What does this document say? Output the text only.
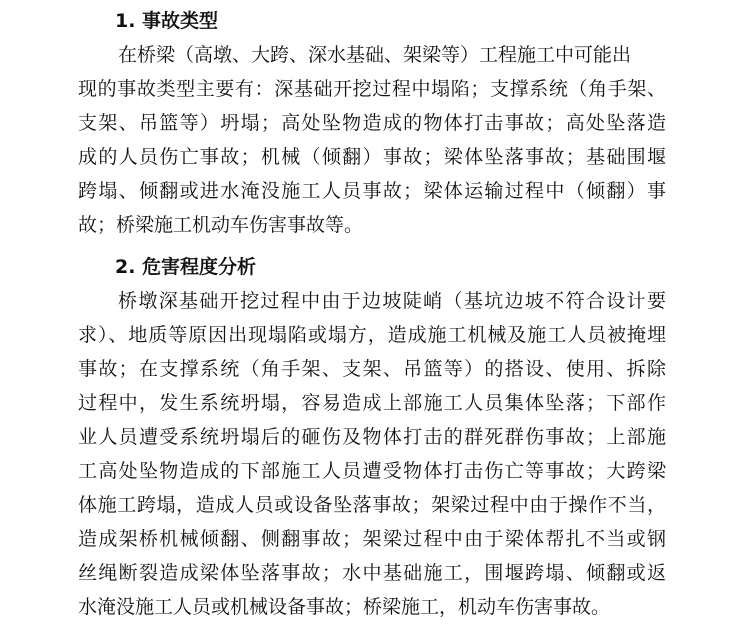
1. 事故类型
在桥梁（高墩、大跨、深水基础、架梁等）工程施工中可能出
现的事故类型主要有：深基础开挖过程中塌陷；支撑系统（角手架、
支架、吊篮等）坍塌；高处坠物造成的物体打击事故；高处坠落造
成的人员伤亡事故；机械（倾翻）事故；梁体坠落事故；基础围堰
跨塌、倾翻或进水淹没施工人员事故；梁体运输过程中（倾翻）事
故；桥梁施工机动车伤害事故等。
2. 危害程度分析
桥墩深基础开挖过程中由于边坡陡峭（基坑边坡不符合设计要
求）、地质等原因出现塌陷或塌方，造成施工机械及施工人员被掩埋
事故；在支撑系统（角手架、支架、吊篮等）的搭设、使用、拆除
过程中，发生系统坍塌，容易造成上部施工人员集体坠落；下部作
业人员遭受系统坍塌后的砸伤及物体打击的群死群伤事故；上部施
工高处坠物造成的下部施工人员遭受物体打击伤亡等事故；大跨梁
体施工跨塌，造成人员或设备坠落事故；架梁过程中由于操作不当，
造成架桥机械倾翻、侧翻事故；架梁过程中由于梁体帮扎不当或钢
丝绳断裂造成梁体坠落事故；水中基础施工，围堰跨塌、倾翻或返
水淹没施工人员或机械设备事故；桥梁施工，机动车伤害事故。
